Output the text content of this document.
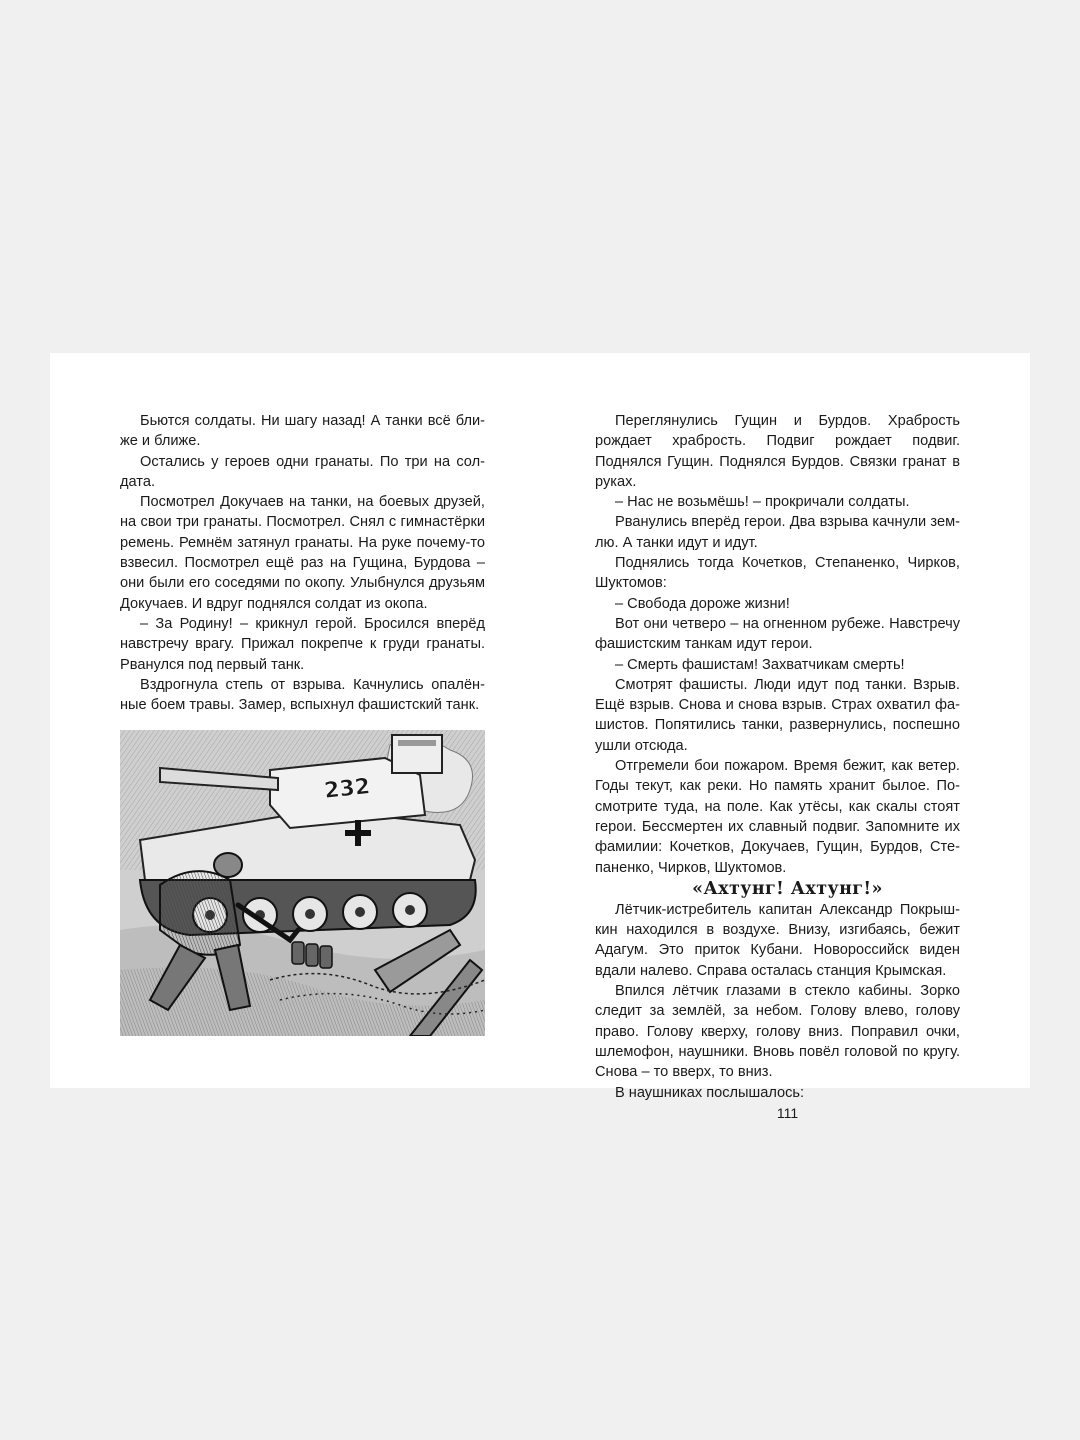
Бьются солдаты. Ни шагу назад! А танки всё ближе и ближе.

Остались у героев одни гранаты. По три на солдата.

Посмотрел Докучаев на танки, на боевых друзей, на свои три гранаты. Посмотрел. Снял с гимнастёрки ремень. Ремнём затянул гранаты. На руке почему-то взвесил. Посмотрел ещё раз на Гущина, Бурдова – они были его соседями по окопу. Улыбнулся друзьям Докучаев. И вдруг поднялся солдат из окопа.

– За Родину! – крикнул герой. Бросился вперёд навстречу врагу. Прижал покрепче к груди гранаты. Рванулся под первый танк.

Вздрогнула степь от взрыва. Качнулись опалённые боем травы. Замер, вспыхнул фашистский танк.

232

Переглянулись Гущин и Бурдов. Храбрость рождает храбрость. Подвиг рождает подвиг. Поднялся Гущин. Поднялся Бурдов. Связки гранат в руках.

– Нас не возьмёшь! – прокричали солдаты.

Рванулись вперёд герои. Два взрыва качнули землю. А танки идут и идут.

Поднялись тогда Кочетков, Степаненко, Чирков, Шуктомов:

– Свобода дороже жизни!

Вот они четверо – на огненном рубеже. Навстречу фашистским танкам идут герои.

– Смерть фашистам! Захватчикам смерть!

Смотрят фашисты. Люди идут под танки. Взрыв. Ещё взрыв. Снова и снова взрыв. Страх охватил фашистов. Попятились танки, развернулись, поспешно ушли отсюда.

Отгремели бои пожаром. Время бежит, как ветер. Годы текут, как реки. Но память хранит былое. Посмотрите туда, на поле. Как утёсы, как скалы стоят герои. Бессмертен их славный подвиг. Запомните их фамилии: Кочетков, Докучаев, Гущин, Бурдов, Степаненко, Чирков, Шуктомов.

«Ахтунг! Ахтунг!»

Лётчик-истребитель капитан Александр Покрышкин находился в воздухе. Внизу, изгибаясь, бежит Адагум. Это приток Кубани. Новороссийск виден вдали налево. Справа осталась станция Крымская.

Впился лётчик глазами в стекло кабины. Зорко следит за землёй, за небом. Голову влево, голову право. Голову кверху, голову вниз. Поправил очки, шлемофон, наушники. Вновь повёл головой по кругу. Снова – то вверх, то вниз.

В наушниках послышалось:

111
